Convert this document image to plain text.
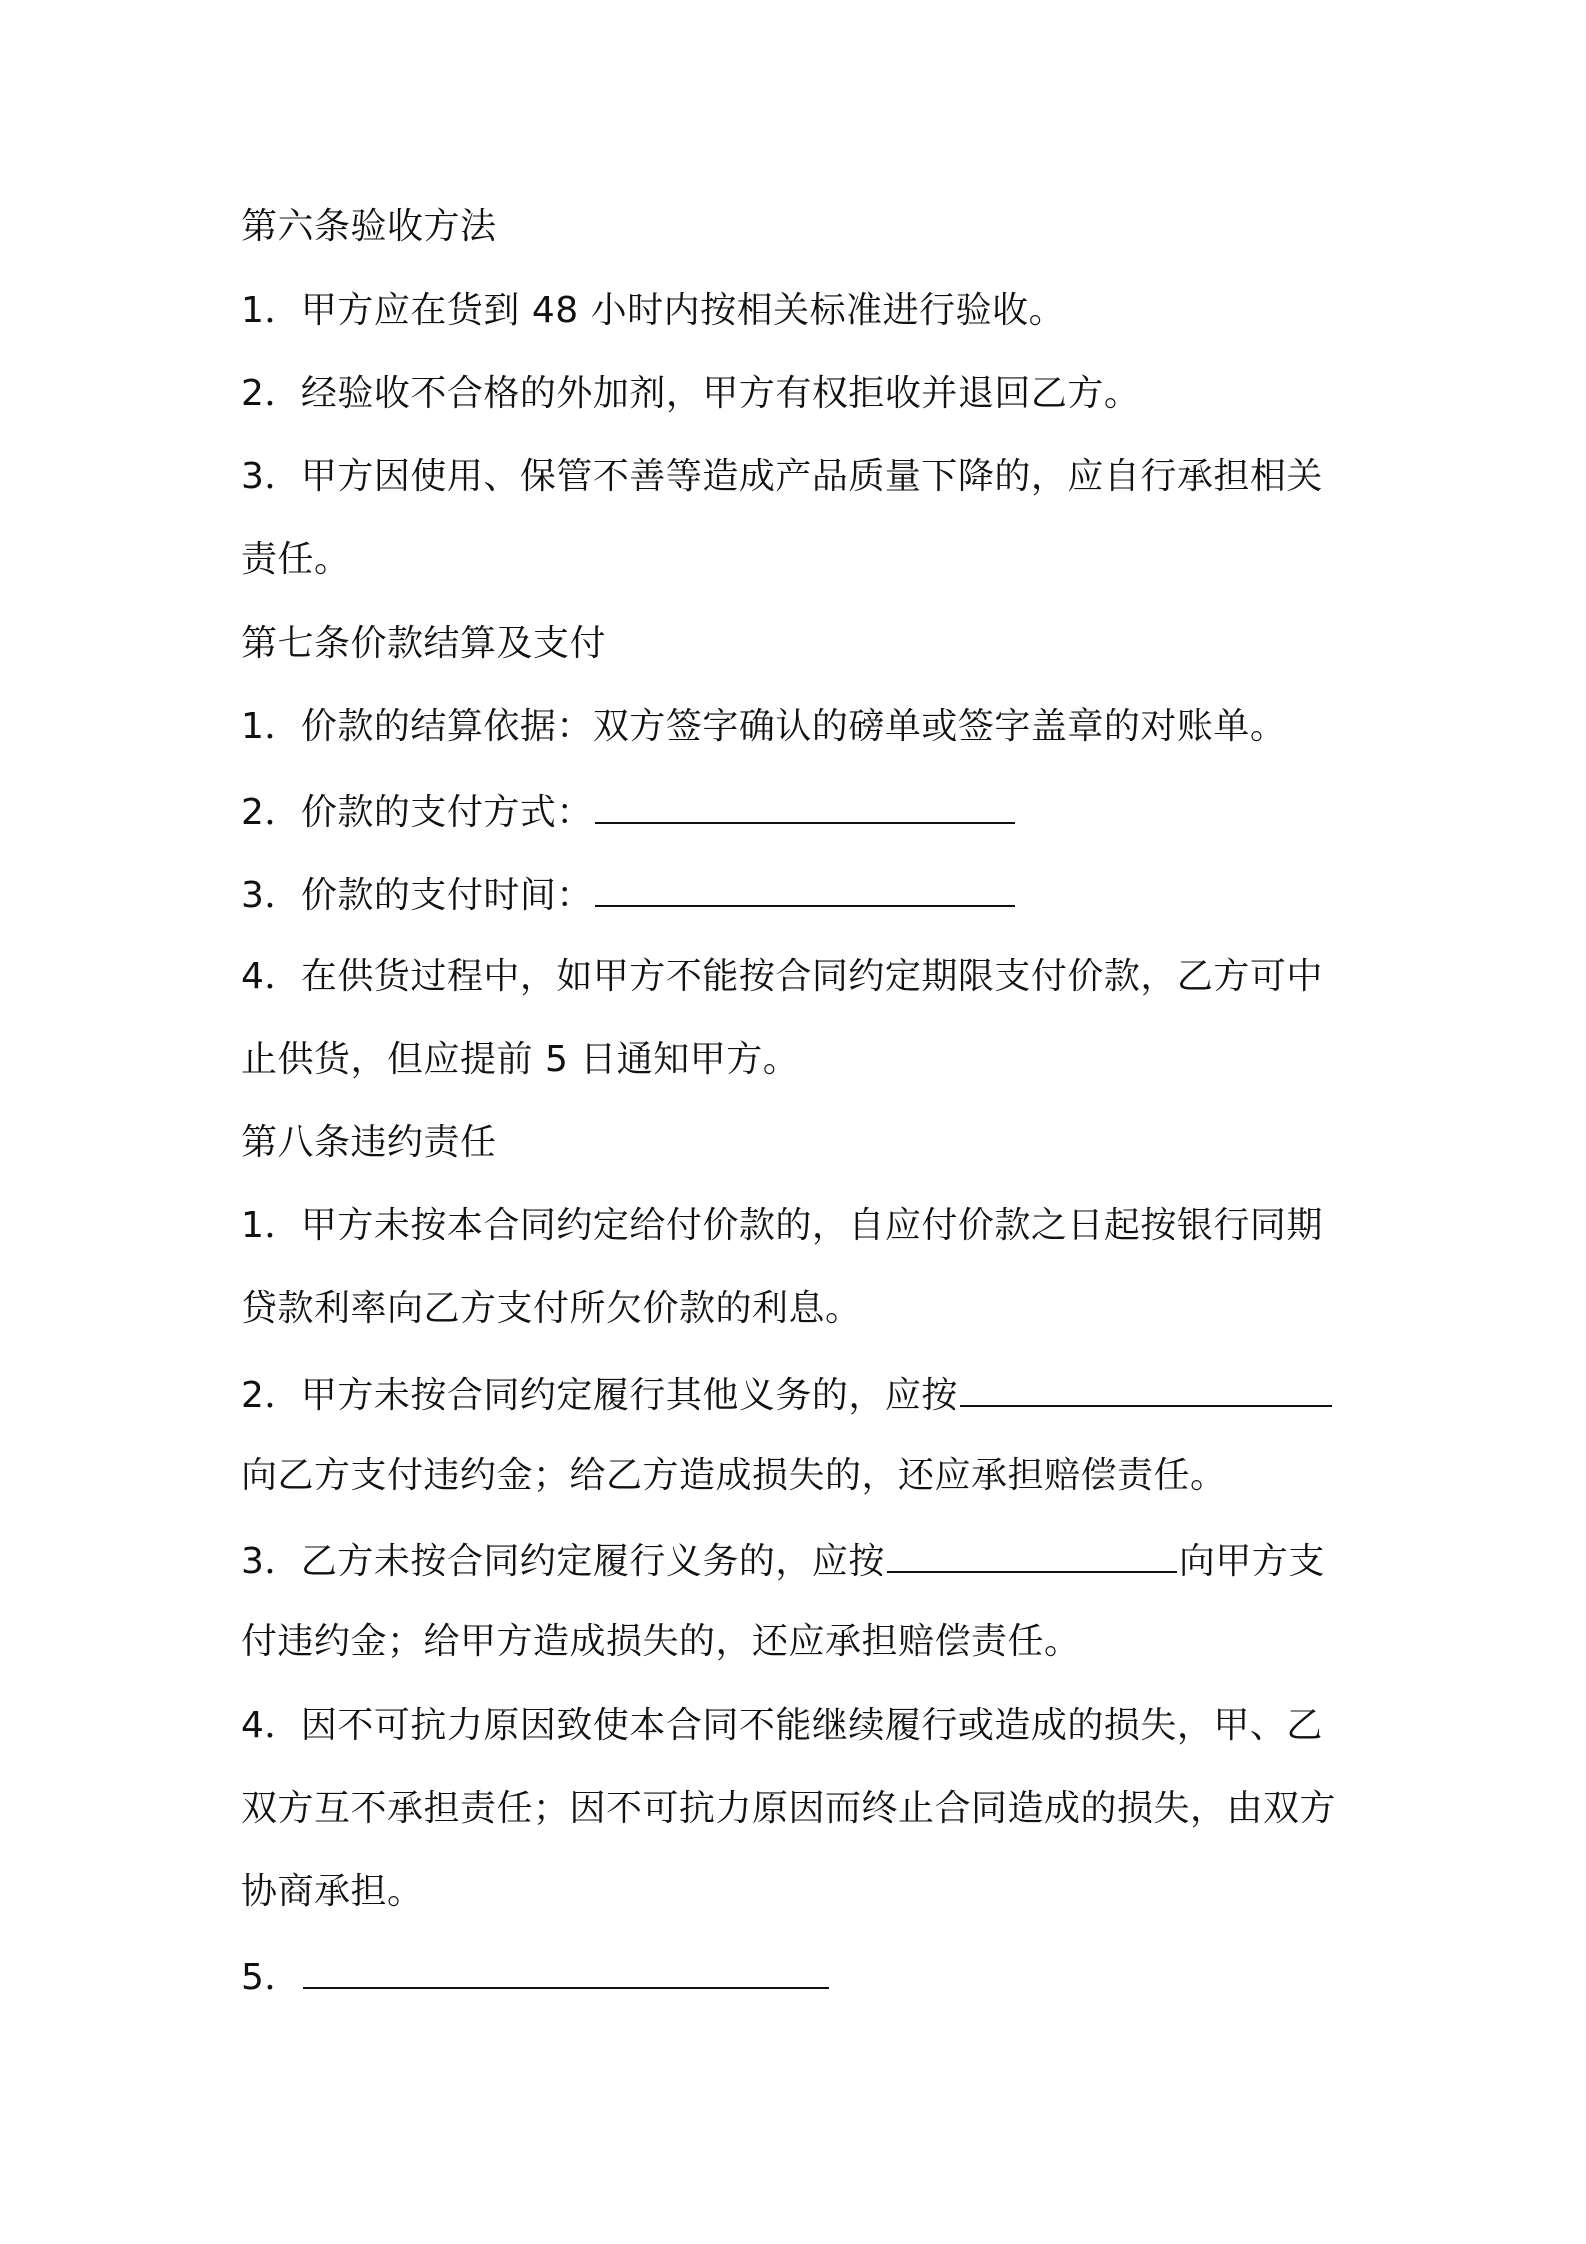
第六条验收方法
1．甲方应在货到 48 小时内按相关标准进行验收。
2．经验收不合格的外加剂，甲方有权拒收并退回乙方。
3．甲方因使用、保管不善等造成产品质量下降的，应自行承担相关
责任。
第七条价款结算及支付
1．价款的结算依据：双方签字确认的磅单或签字盖章的对账单。
2．价款的支付方式：
3．价款的支付时间：
4．在供货过程中，如甲方不能按合同约定期限支付价款，乙方可中
止供货，但应提前 5 日通知甲方。
第八条违约责任
1．甲方未按本合同约定给付价款的，自应付价款之日起按银行同期
贷款利率向乙方支付所欠价款的利息。
2．甲方未按合同约定履行其他义务的，应按
向乙方支付违约金；给乙方造成损失的，还应承担赔偿责任。
3．乙方未按合同约定履行义务的，应按	向甲方支
付违约金；给甲方造成损失的，还应承担赔偿责任。
4．因不可抗力原因致使本合同不能继续履行或造成的损失，甲、乙
双方互不承担责任；因不可抗力原因而终止合同造成的损失，由双方
协商承担。
5．
